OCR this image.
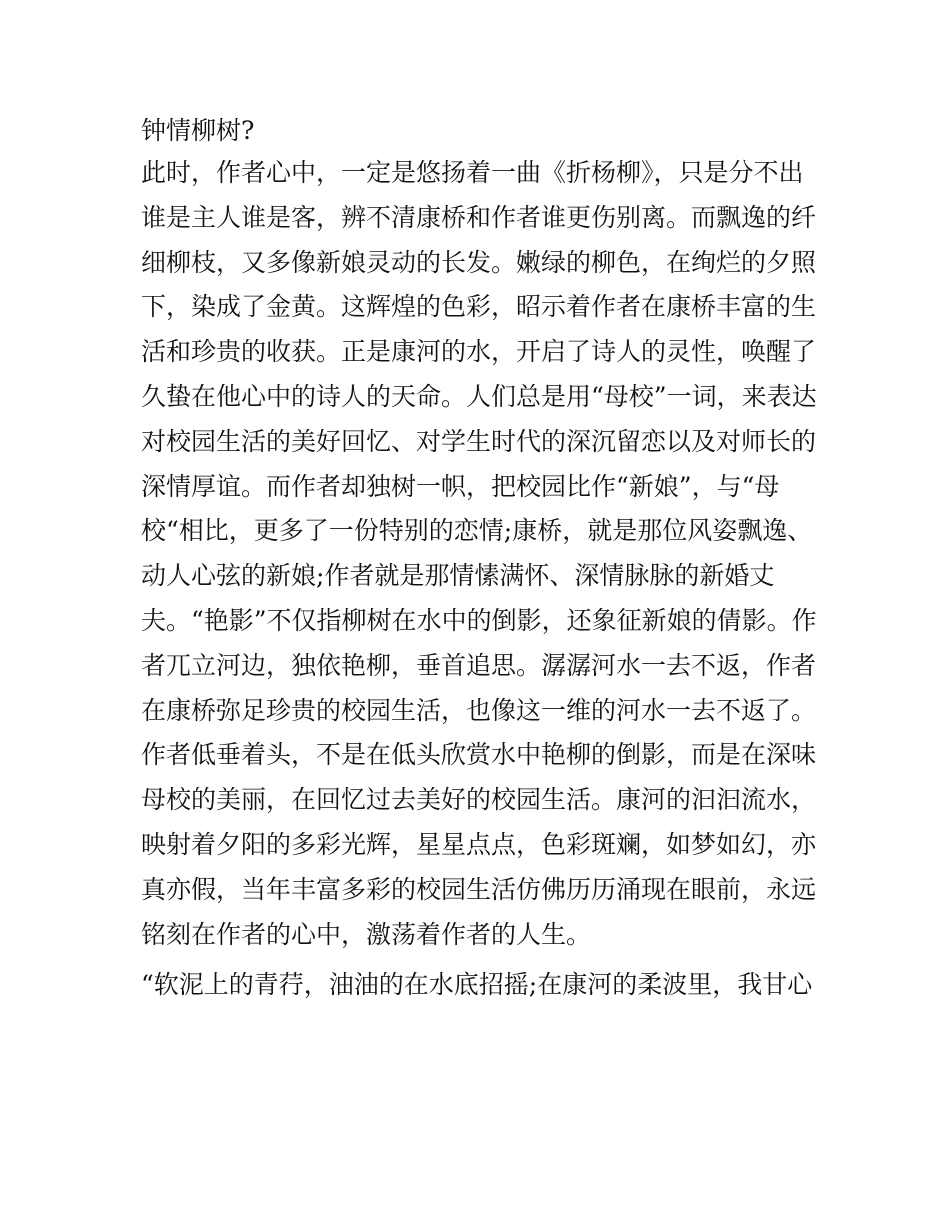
钟情柳树?
此时，作者心中，一定是悠扬着一曲《折杨柳》，只是分不出
谁是主人谁是客，辨不清康桥和作者谁更伤别离。而飘逸的纤
细柳枝，又多像新娘灵动的长发。嫩绿的柳色，在绚烂的夕照
下，染成了金黄。这辉煌的色彩，昭示着作者在康桥丰富的生
活和珍贵的收获。正是康河的水，开启了诗人的灵性，唤醒了
久蛰在他心中的诗人的天命。人们总是用“母校”一词，来表达
对校园生活的美好回忆、对学生时代的深沉留恋以及对师长的
深情厚谊。而作者却独树一帜，把校园比作“新娘”，与“母
校“相比，更多了一份特别的恋情;康桥，就是那位风姿飘逸、
动人心弦的新娘;作者就是那情愫满怀、深情脉脉的新婚丈
夫。“艳影”不仅指柳树在水中的倒影，还象征新娘的倩影。作
者兀立河边，独依艳柳，垂首追思。潺潺河水一去不返，作者
在康桥弥足珍贵的校园生活，也像这一维的河水一去不返了。
作者低垂着头，不是在低头欣赏水中艳柳的倒影，而是在深味
母校的美丽，在回忆过去美好的校园生活。康河的汩汩流水，
映射着夕阳的多彩光辉，星星点点，色彩斑斓，如梦如幻，亦
真亦假，当年丰富多彩的校园生活仿佛历历涌现在眼前，永远
铭刻在作者的心中，激荡着作者的人生。
“软泥上的青荇，油油的在水底招摇;在康河的柔波里，我甘心
